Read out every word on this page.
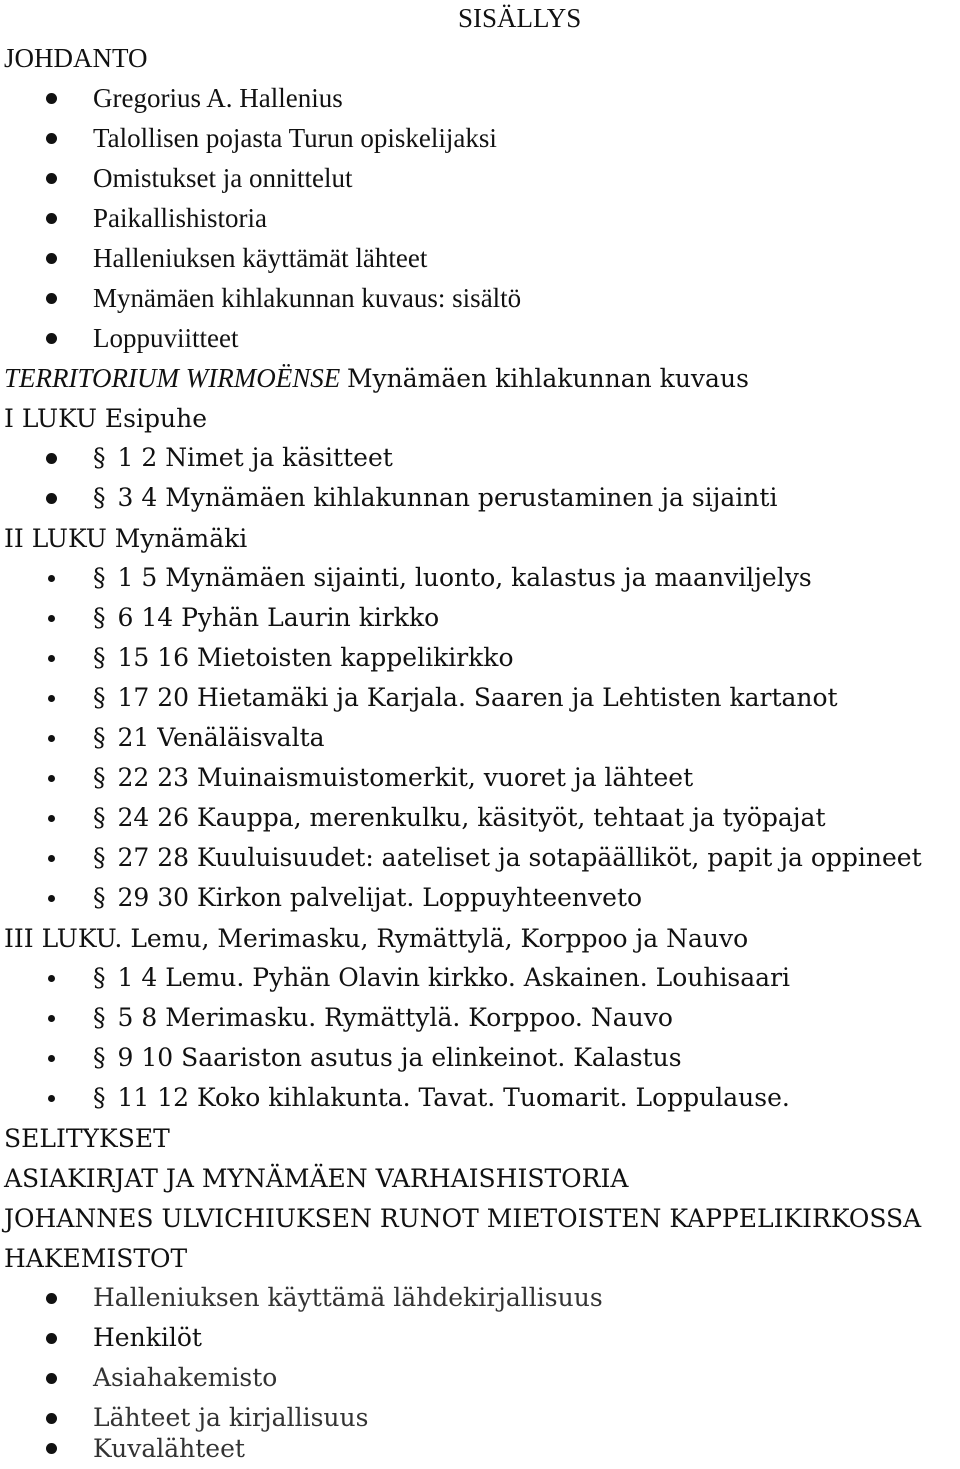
SISÄLLYS
JOHDANTO
Gregorius A. Hallenius
Talollisen pojasta Turun opiskelijaksi
Omistukset ja onnittelut
Paikallishistoria
Halleniuksen käyttämät lähteet
Mynämäen kihlakunnan kuvaus: sisältö
Loppuviitteet
TERRITORIUM WIRMOËNSE Mynämäen kihlakunnan kuvaus
I LUKU Esipuhe
§ 1 2 Nimet ja käsitteet
§ 3 4 Mynämäen kihlakunnan perustaminen ja sijainti
II LUKU Mynämäki
§ 1 5 Mynämäen sijainti, luonto, kalastus ja maanviljelys
§ 6 14 Pyhän Laurin kirkko
§ 15 16 Mietoisten kappelikirkko
§ 17 20 Hietamäki ja Karjala. Saaren ja Lehtisten kartanot
§ 21 Venäläisvalta
§ 22 23 Muinaismuistomerkit, vuoret ja lähteet
§ 24 26 Kauppa, merenkulku, käsityöt, tehtaat ja työpajat
§ 27 28 Kuuluisuudet: aateliset ja sotapäälliköt, papit ja oppineet
§ 29 30 Kirkon palvelijat. Loppuyhteenveto
III LUKU. Lemu, Merimasku, Rymättylä, Korppoo ja Nauvo
§ 1 4 Lemu. Pyhän Olavin kirkko. Askainen. Louhisaari
§ 5 8 Merimasku. Rymättylä. Korppoo. Nauvo
§ 9 10 Saariston asutus ja elinkeinot. Kalastus
§ 11 12 Koko kihlakunta. Tavat. Tuomarit. Loppulause.
SELITYKSET
ASIAKIRJAT JA MYNÄMÄEN VARHAISHISTORIA
JOHANNES ULVICHIUKSEN RUNOT MIETOISTEN KAPPELIKIRKOSSA
HAKEMISTOT
Halleniuksen käyttämä lähdekirjallisuus
Henkilöt
Asiahakemisto
Lähteet ja kirjallisuus
Kuvalähteet
